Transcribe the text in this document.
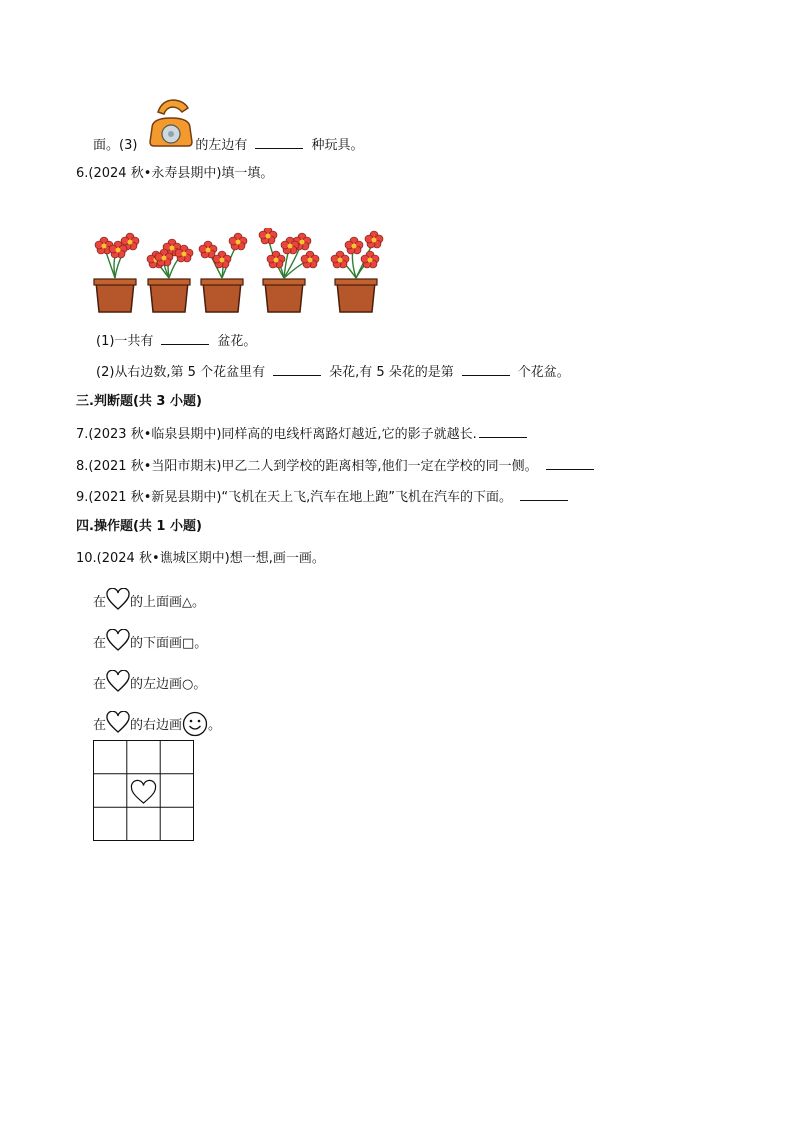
面。(3)	的左边有	种玩具。
6.(2024 秋•永寿县期中)填一填。
(1)一共有	盆花。
(2)从右边数,第 5 个花盆里有	朵花,有 5 朵花的是第	个花盆。
三.判断题(共 3 小题)
7.(2023 秋•临泉县期中)同样高的电线杆离路灯越近,它的影子就越长.
8.(2021 秋•当阳市期末)甲乙二人到学校的距离相等,他们一定在学校的同一侧。
9.(2021 秋•新晃县期中)“飞机在天上飞,汽车在地上跑”飞机在汽车的下面。
四.操作题(共 1 小题)
10.(2024 秋•谯城区期中)想一想,画一画。
在 的上面画△。
在 的下面画□。
在 的左边画○。
在 的右边画 。
